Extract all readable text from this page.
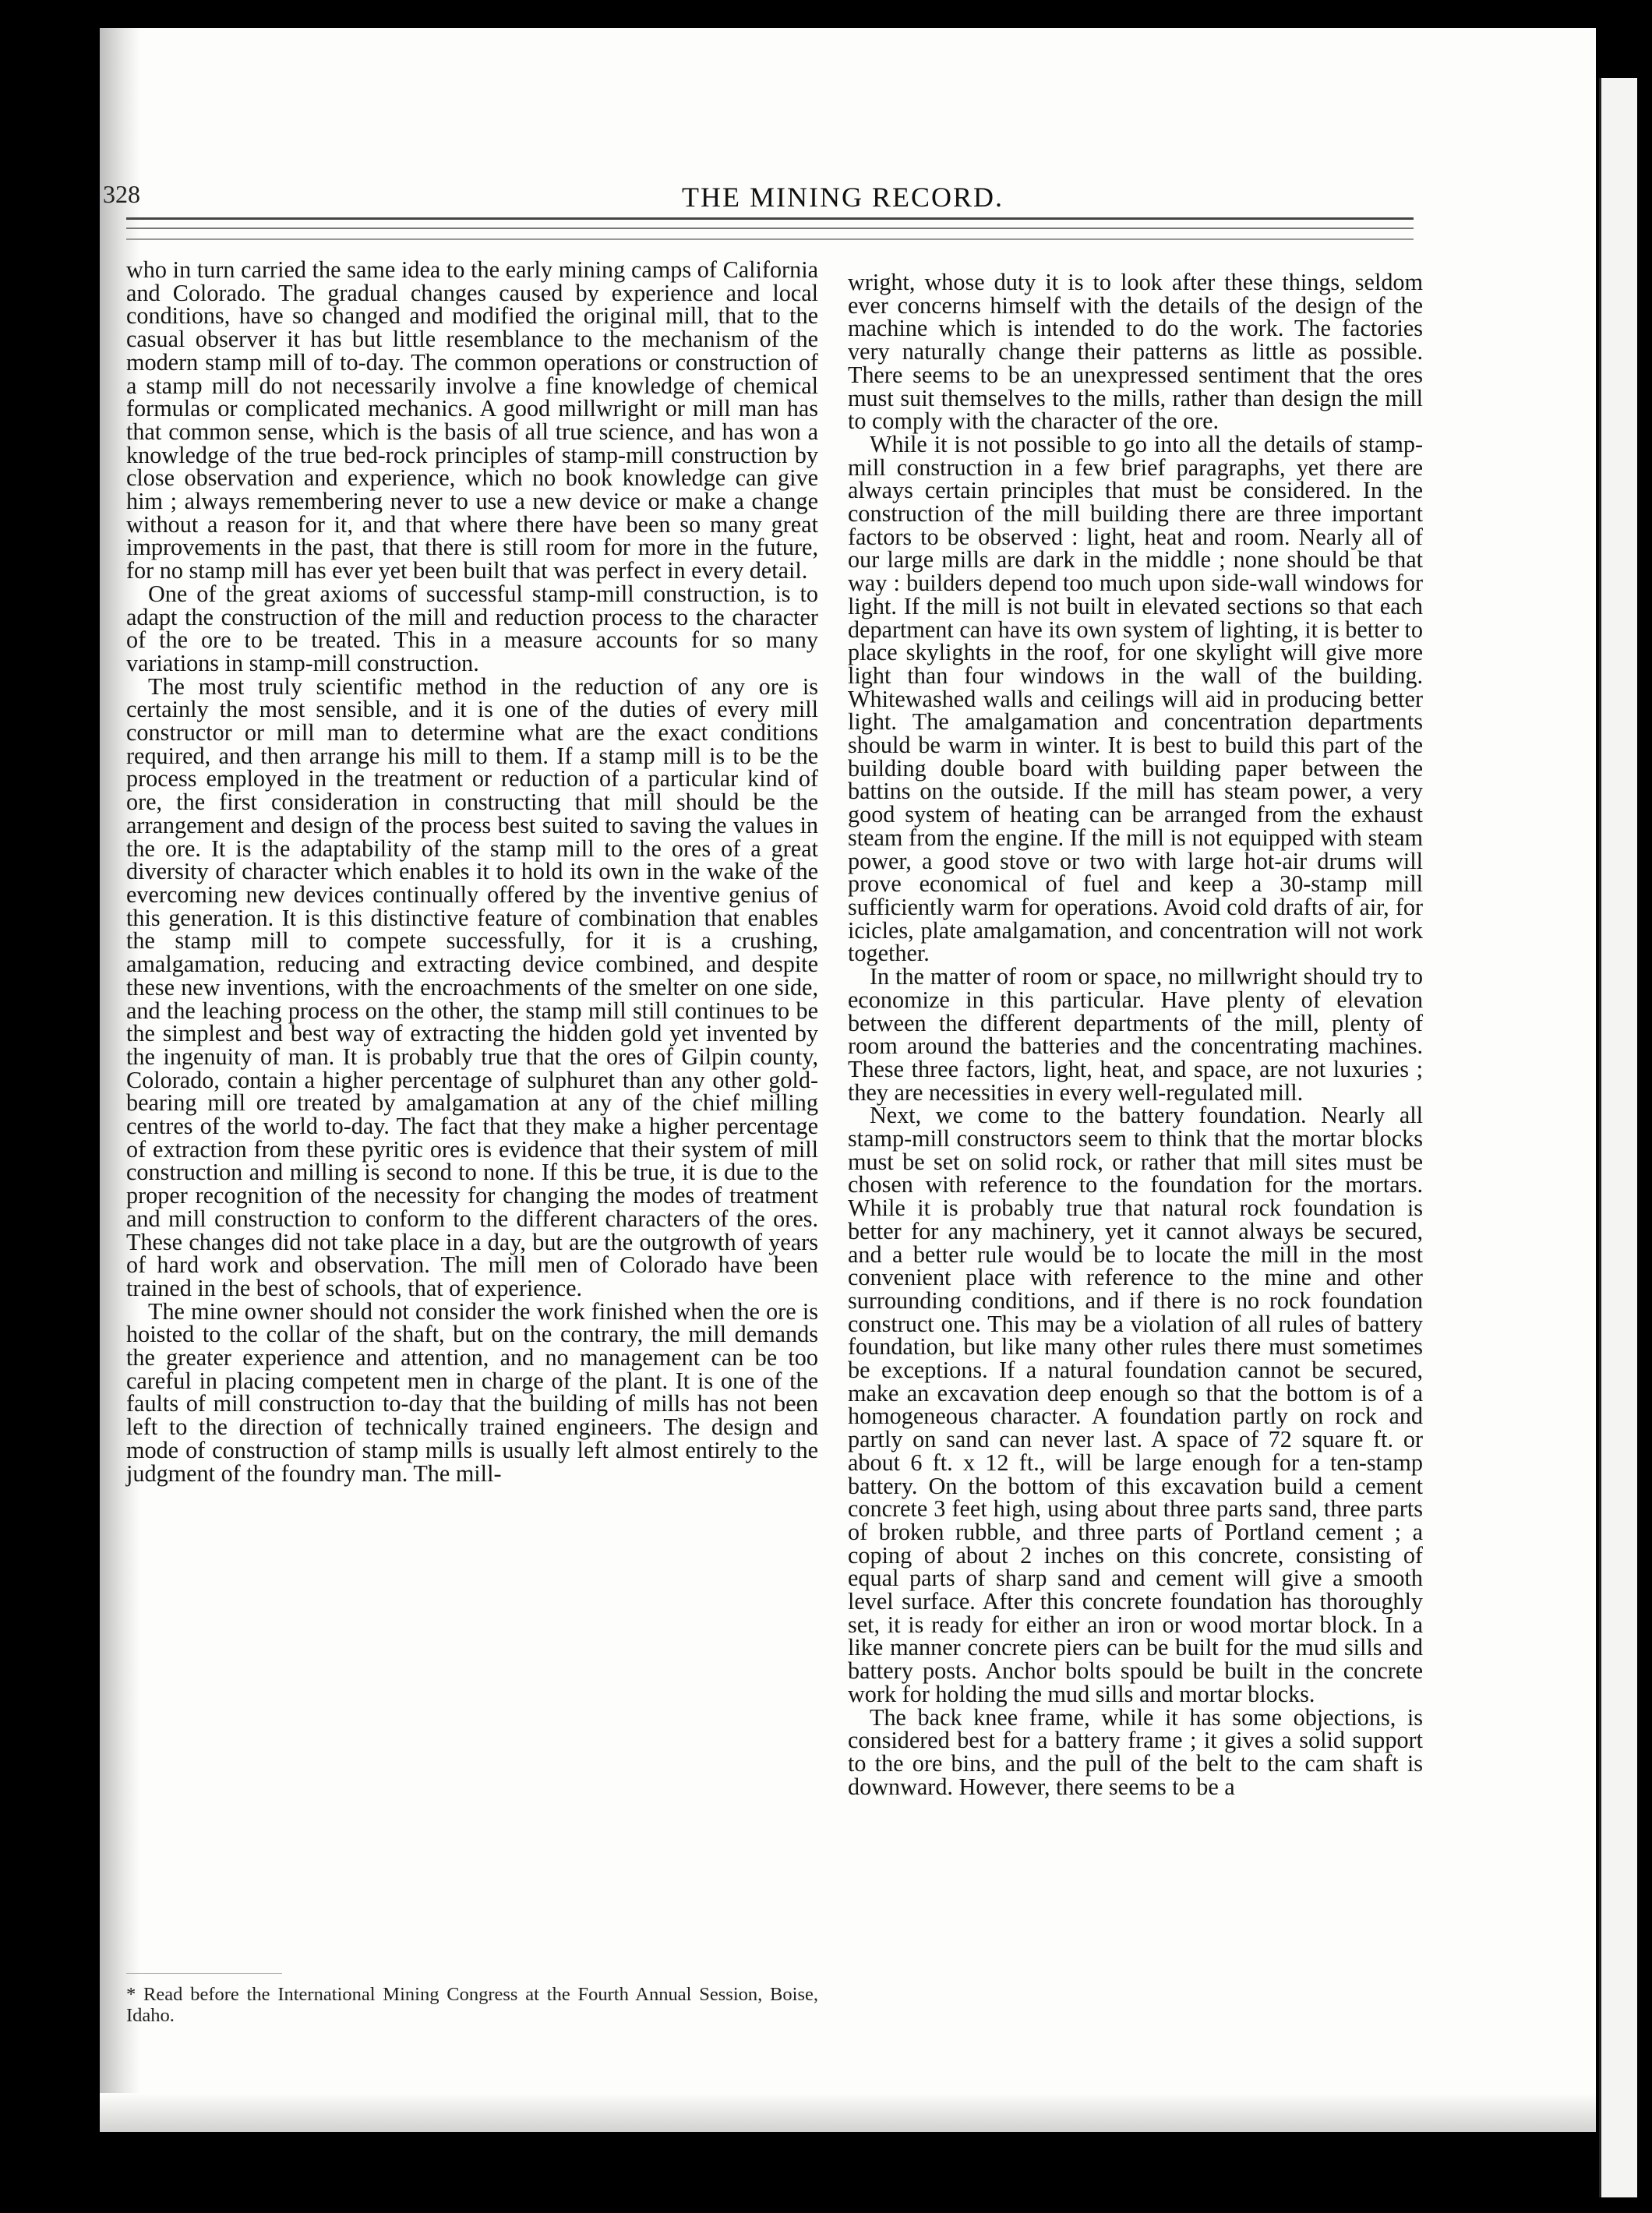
328	THE MINING RECORD.

who in turn carried the same idea to the early mining camps of California and Colorado. The gradual changes caused by experience and local conditions, have so changed and modified the original mill, that to the casual observer it has but little resemblance to the mechanism of the modern stamp mill of to-day. The common operations or construction of a stamp mill do not necessarily involve a fine knowledge of chemical formulas or complicated mechanics. A good millwright or mill man has that common sense, which is the basis of all true science, and has won a knowledge of the true bed-rock principles of stamp-mill construction by close observation and experience, which no book knowledge can give him ; always remembering never to use a new device or make a change without a reason for it, and that where there have been so many great improvements in the past, that there is still room for more in the future, for no stamp mill has ever yet been built that was perfect in every detail.

One of the great axioms of successful stamp-mill construction, is to adapt the construction of the mill and reduction process to the character of the ore to be treated. This in a measure accounts for so many variations in stamp-mill construction.

The most truly scientific method in the reduction of any ore is certainly the most sensible, and it is one of the duties of every mill constructor or mill man to determine what are the exact conditions required, and then arrange his mill to them. If a stamp mill is to be the process employed in the treatment or reduction of a particular kind of ore, the first consideration in constructing that mill should be the arrangement and design of the process best suited to saving the values in the ore. It is the adaptability of the stamp mill to the ores of a great diversity of character which enables it to hold its own in the wake of the evercoming new devices continually offered by the inventive genius of this generation. It is this distinctive feature of combination that enables the stamp mill to compete successfully, for it is a crushing, amalgamation, reducing and extracting device combined, and despite these new inventions, with the encroachments of the smelter on one side, and the leaching process on the other, the stamp mill still continues to be the simplest and best way of extracting the hidden gold yet invented by the ingenuity of man. It is probably true that the ores of Gilpin county, Colorado, contain a higher percentage of sulphuret than any other gold-bearing mill ore treated by amalgamation at any of the chief milling centres of the world to-day. The fact that they make a higher percentage of extraction from these pyritic ores is evidence that their system of mill construction and milling is second to none. If this be true, it is due to the proper recognition of the necessity for changing the modes of treatment and mill construction to conform to the different characters of the ores. These changes did not take place in a day, but are the outgrowth of years of hard work and observation. The mill men of Colorado have been trained in the best of schools, that of experience.

The mine owner should not consider the work finished when the ore is hoisted to the collar of the shaft, but on the contrary, the mill demands the greater experience and attention, and no management can be too careful in placing competent men in charge of the plant. It is one of the faults of mill construction to-day that the building of mills has not been left to the direction of technically trained engineers. The design and mode of construction of stamp mills is usually left almost entirely to the judgment of the foundry man. The mill-

wright, whose duty it is to look after these things, seldom ever concerns himself with the details of the design of the machine which is intended to do the work. The factories very naturally change their patterns as little as possible. There seems to be an unexpressed sentiment that the ores must suit themselves to the mills, rather than design the mill to comply with the character of the ore.

While it is not possible to go into all the details of stamp-mill construction in a few brief paragraphs, yet there are always certain principles that must be considered. In the construction of the mill building there are three important factors to be observed : light, heat and room. Nearly all of our large mills are dark in the middle ; none should be that way : builders depend too much upon side-wall windows for light. If the mill is not built in elevated sections so that each department can have its own system of lighting, it is better to place skylights in the roof, for one skylight will give more light than four windows in the wall of the building. Whitewashed walls and ceilings will aid in producing better light. The amalgamation and concentration departments should be warm in winter. It is best to build this part of the building double board with building paper between the battins on the outside. If the mill has steam power, a very good system of heating can be arranged from the exhaust steam from the engine. If the mill is not equipped with steam power, a good stove or two with large hot-air drums will prove economical of fuel and keep a 30-stamp mill sufficiently warm for operations. Avoid cold drafts of air, for icicles, plate amalgamation, and concentration will not work together.

In the matter of room or space, no millwright should try to economize in this particular. Have plenty of elevation between the different departments of the mill, plenty of room around the batteries and the concentrating machines. These three factors, light, heat, and space, are not luxuries ; they are necessities in every well-regulated mill.

Next, we come to the battery foundation. Nearly all stamp-mill constructors seem to think that the mortar blocks must be set on solid rock, or rather that mill sites must be chosen with reference to the foundation for the mortars. While it is probably true that natural rock foundation is better for any machinery, yet it cannot always be secured, and a better rule would be to locate the mill in the most convenient place with reference to the mine and other surrounding conditions, and if there is no rock foundation construct one. This may be a violation of all rules of battery foundation, but like many other rules there must sometimes be exceptions. If a natural foundation cannot be secured, make an excavation deep enough so that the bottom is of a homogeneous character. A foundation partly on rock and partly on sand can never last. A space of 72 square ft. or about 6 ft. x 12 ft., will be large enough for a ten-stamp battery. On the bottom of this excavation build a cement concrete 3 feet high, using about three parts sand, three parts of broken rubble, and three parts of Portland cement ; a coping of about 2 inches on this concrete, consisting of equal parts of sharp sand and cement will give a smooth level surface. After this concrete foundation has thoroughly set, it is ready for either an iron or wood mortar block. In a like manner concrete piers can be built for the mud sills and battery posts. Anchor bolts spould be built in the concrete work for holding the mud sills and mortar blocks.

The back knee frame, while it has some objections, is considered best for a battery frame ; it gives a solid support to the ore bins, and the pull of the belt to the cam shaft is downward. However, there seems to be a

* Read before the International Mining Congress at the Fourth Annual Session, Boise, Idaho.
